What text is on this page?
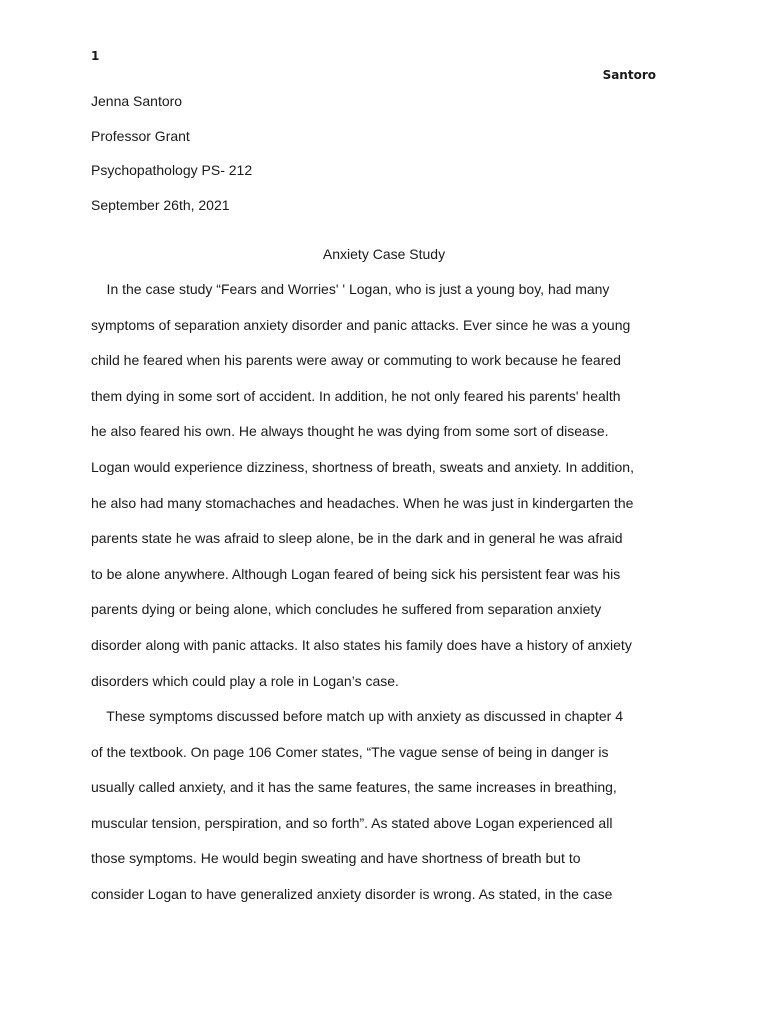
1
Santoro
Jenna Santoro
Professor Grant
Psychopathology PS- 212
September 26th, 2021
Anxiety Case Study
In the case study “Fears and Worries' ' Logan, who is just a young boy, had many
symptoms of separation anxiety disorder and panic attacks. Ever since he was a young
child he feared when his parents were away or commuting to work because he feared
them dying in some sort of accident. In addition, he not only feared his parents' health
he also feared his own. He always thought he was dying from some sort of disease.
Logan would experience dizziness, shortness of breath, sweats and anxiety. In addition,
he also had many stomachaches and headaches. When he was just in kindergarten the
parents state he was afraid to sleep alone, be in the dark and in general he was afraid
to be alone anywhere. Although Logan feared of being sick his persistent fear was his
parents dying or being alone, which concludes he suffered from separation anxiety
disorder along with panic attacks. It also states his family does have a history of anxiety
disorders which could play a role in Logan’s case.
These symptoms discussed before match up with anxiety as discussed in chapter 4
of the textbook. On page 106 Comer states, “The vague sense of being in danger is
usually called anxiety, and it has the same features, the same increases in breathing,
muscular tension, perspiration, and so forth”. As stated above Logan experienced all
those symptoms. He would begin sweating and have shortness of breath but to
consider Logan to have generalized anxiety disorder is wrong. As stated, in the case
